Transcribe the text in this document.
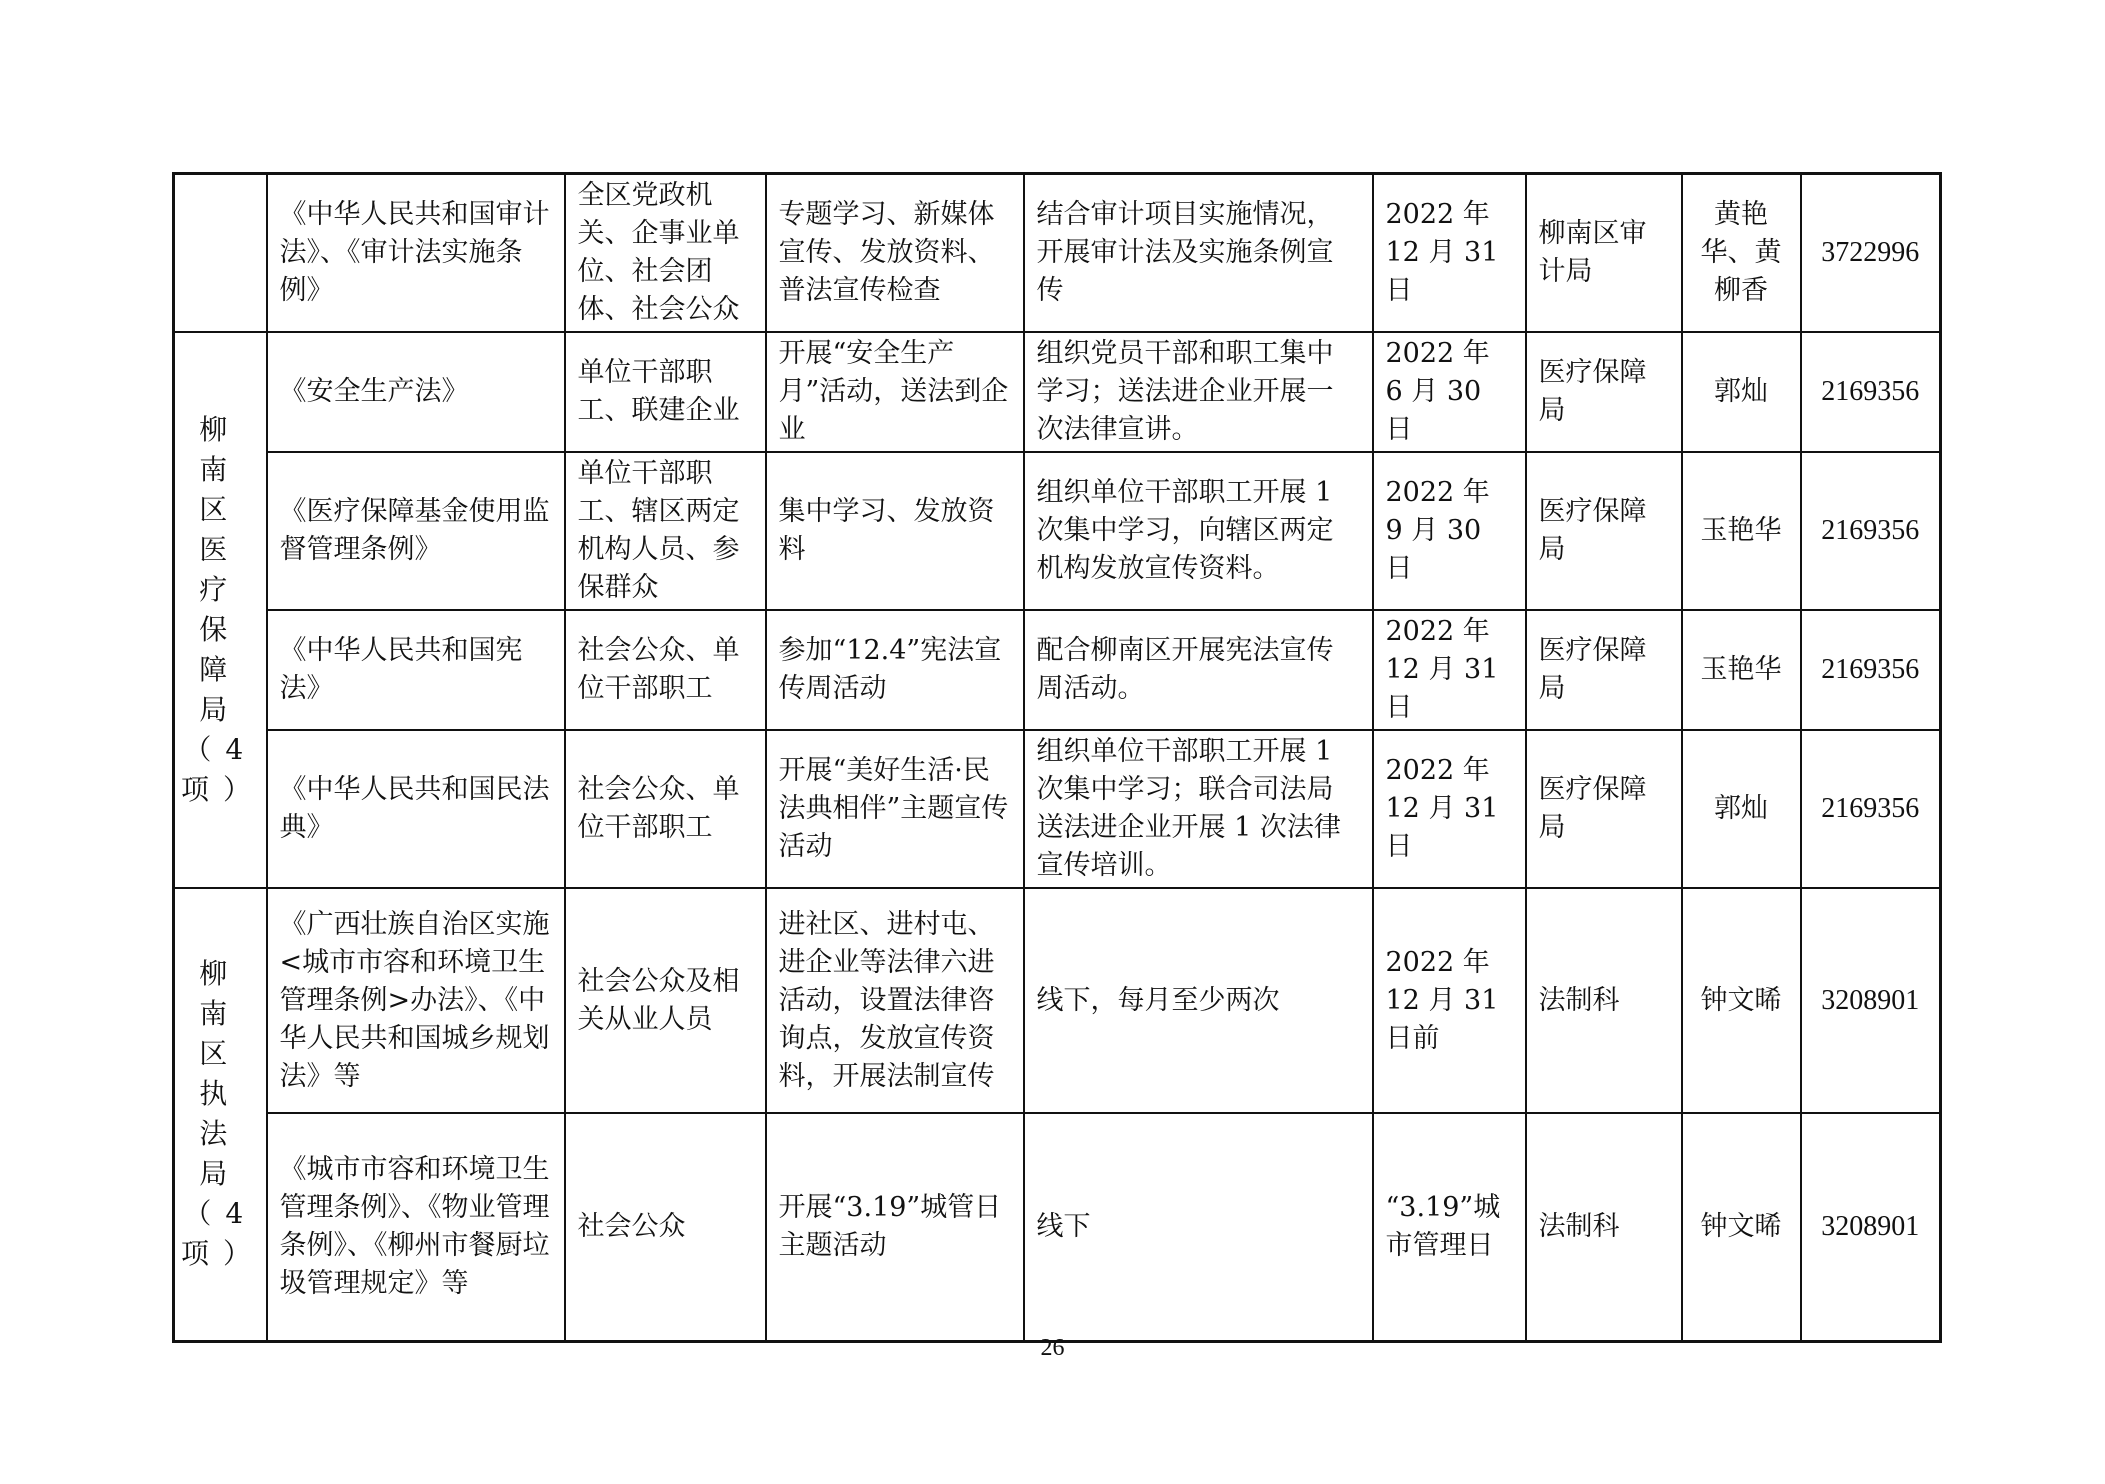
	《中华人民共和国审计法》、《审计法实施条例》	全区党政机关、企事业单位、社会团体、社会公众	专题学习、新媒体宣传、发放资料、普法宣传检查	结合审计项目实施情况，开展审计法及实施条例宣传	2022 年 12 月 31 日	柳南区审计局	黄艳华、黄柳香	3722996
柳南区医疗保障局（4项）	《安全生产法》	单位干部职工、联建企业	开展“安全生产月”活动，送法到企业	组织党员干部和职工集中学习；送法进企业开展一次法律宣讲。	2022 年 6 月 30 日	医疗保障局	郭灿	2169356
	《医疗保障基金使用监督管理条例》	单位干部职工、辖区两定机构人员、参保群众	集中学习、发放资料	组织单位干部职工开展 1 次集中学习，向辖区两定机构发放宣传资料。	2022 年 9 月 30 日	医疗保障局	玉艳华	2169356
	《中华人民共和国宪法》	社会公众、单位干部职工	参加“12.4”宪法宣传周活动	配合柳南区开展宪法宣传周活动。	2022 年 12 月 31 日	医疗保障局	玉艳华	2169356
	《中华人民共和国民法典》	社会公众、单位干部职工	开展“美好生活·民法典相伴”主题宣传活动	组织单位干部职工开展 1 次集中学习；联合司法局送法进企业开展 1 次法律宣传培训。	2022 年 12 月 31 日	医疗保障局	郭灿	2169356
柳南区执法局（4项）	《广西壮族自治区实施<城市市容和环境卫生管理条例>办法》、《中华人民共和国城乡规划法》等	社会公众及相关从业人员	进社区、进村屯、进企业等法律六进活动，设置法律咨询点，发放宣传资料，开展法制宣传	线下，每月至少两次	2022 年 12 月 31 日前	法制科	钟文晞	3208901
	《城市市容和环境卫生管理条例》、《物业管理条例》、《柳州市餐厨垃圾管理规定》等	社会公众	开展“3.19”城管日主题活动	线下	“3.19”城市管理日	法制科	钟文晞	3208901
26
